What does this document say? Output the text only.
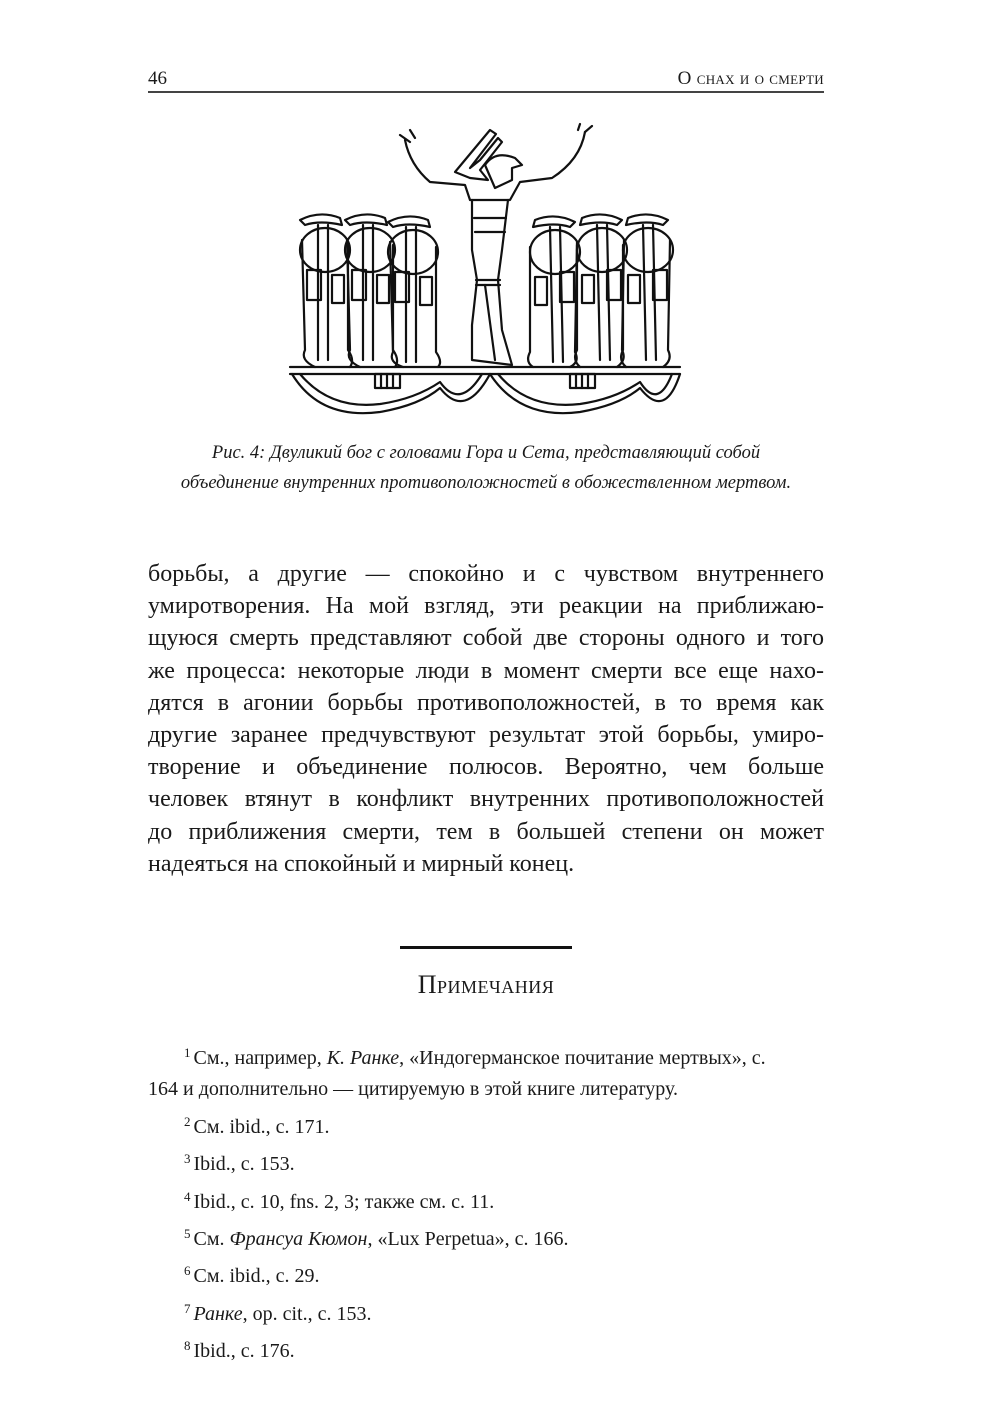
46	О снах и о смерти
Рис. 4: Двуликий бог с головами Гора и Сета, представляющий собой
объединение внутренних противоположностей в обожествленном мертвом.
борьбы, а другие — спокойно и с чувством внутреннего
умиротворения. На мой взгляд, эти реакции на приближаю-
щуюся смерть представляют собой две стороны одного и того
же процесса: некоторые люди в момент смерти все еще нахо-
дятся в агонии борьбы противоположностей, в то время как
другие заранее предчувствуют результат этой борьбы, умиро-
творение и объединение полюсов. Вероятно, чем больше
человек втянут в конфликт внутренних противоположностей
до приближения смерти, тем в большей степени он может
надеяться на спокойный и мирный конец.
Примечания
$^1$ См., например, К. Ранке, «Индогерманское почитание мертвых», с.
164 и дополнительно — цитируемую в этой книге литературу.
$^2$ См. ibid., с. 171.
$^3$ Ibid., с. 153.
$^4$ Ibid., с. 10, fns. 2, 3; также см. с. 11.
$^5$ См. Франсуа Кюмон, «Lux Perpetua», с. 166.
$^6$ См. ibid., с. 29.
$^7$ Ранке, op. cit., с. 153.
$^8$ Ibid., с. 176.
